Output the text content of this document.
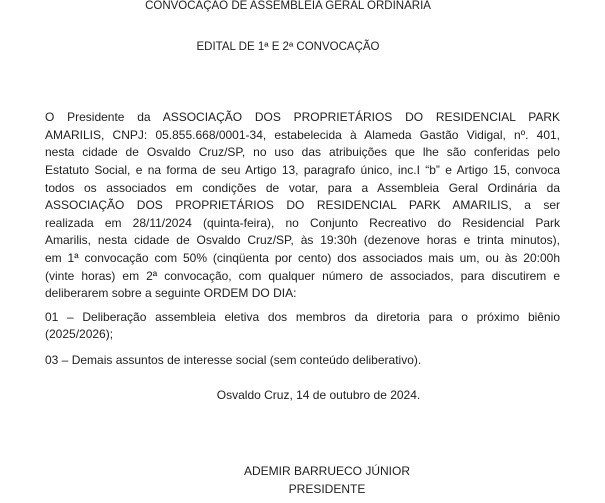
CONVOCAÇÃO DE ASSEMBLEIA GERAL ORDINÁRIA
EDITAL DE 1ª E 2ª CONVOCAÇÃO
O Presidente da ASSOCIAÇÃO DOS PROPRIETÁRIOS DO RESIDENCIAL PARK
AMARILIS, CNPJ: 05.855.668/0001-34, estabelecida à Alameda Gastão Vidigal, nº. 401,
nesta cidade de Osvaldo Cruz/SP, no uso das atribuições que lhe são conferidas pelo
Estatuto Social, e na forma de seu Artigo 13, paragrafo único, inc.I “b” e Artigo 15, convoca
todos os associados em condições de votar, para a Assembleia Geral Ordinária da
ASSOCIAÇÃO DOS PROPRIETÁRIOS DO RESIDENCIAL PARK AMARILIS, a ser
realizada em 28/11/2024 (quinta-feira), no Conjunto Recreativo do Residencial Park
Amarilis, nesta cidade de Osvaldo Cruz/SP, às 19:30h (dezenove horas e trinta minutos),
em 1ª convocação com 50% (cinqüenta por cento) dos associados mais um, ou às 20:00h
(vinte horas) em 2ª convocação, com qualquer número de associados, para discutirem e
deliberarem sobre a seguinte ORDEM DO DIA:
01 – Deliberação assembleia eletiva dos membros da diretoria para o próximo biênio
(2025/2026);
03 – Demais assuntos de interesse social (sem conteúdo deliberativo).
Osvaldo Cruz, 14 de outubro de 2024.
ADEMIR BARRUECO JÚNIOR
PRESIDENTE
